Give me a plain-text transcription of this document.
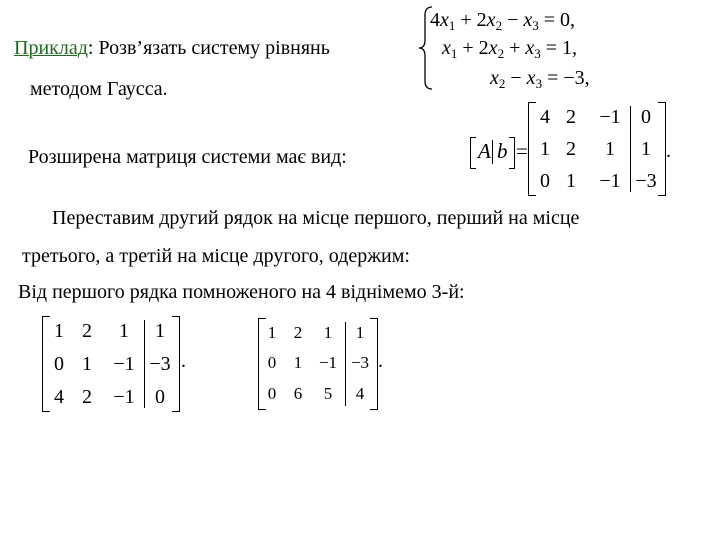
Приклад: Розв’язать систему рівнянь
методом Гаусса.
$4x_1 + 2x_2 - x_3 = 0$,
$x_1 + 2x_2 + x_3 = 1$,
$x_2 - x_3 = -3$,
Розширена матриця системи має вид:	A b =
4 2	−1	0
1 2	1	1
0 1	−1 −3
.
Переставим другий рядок на місце першого, перший на місце
третього, а третій на місце другого, одержим:
Від першого рядка помноженого на 4 віднімемо 3-й:
1 2	1	1
0 1	−1 −3
4 2	−1	0
.
1	2	1	1
0	1 −1 −3
0	6	5	4
.
